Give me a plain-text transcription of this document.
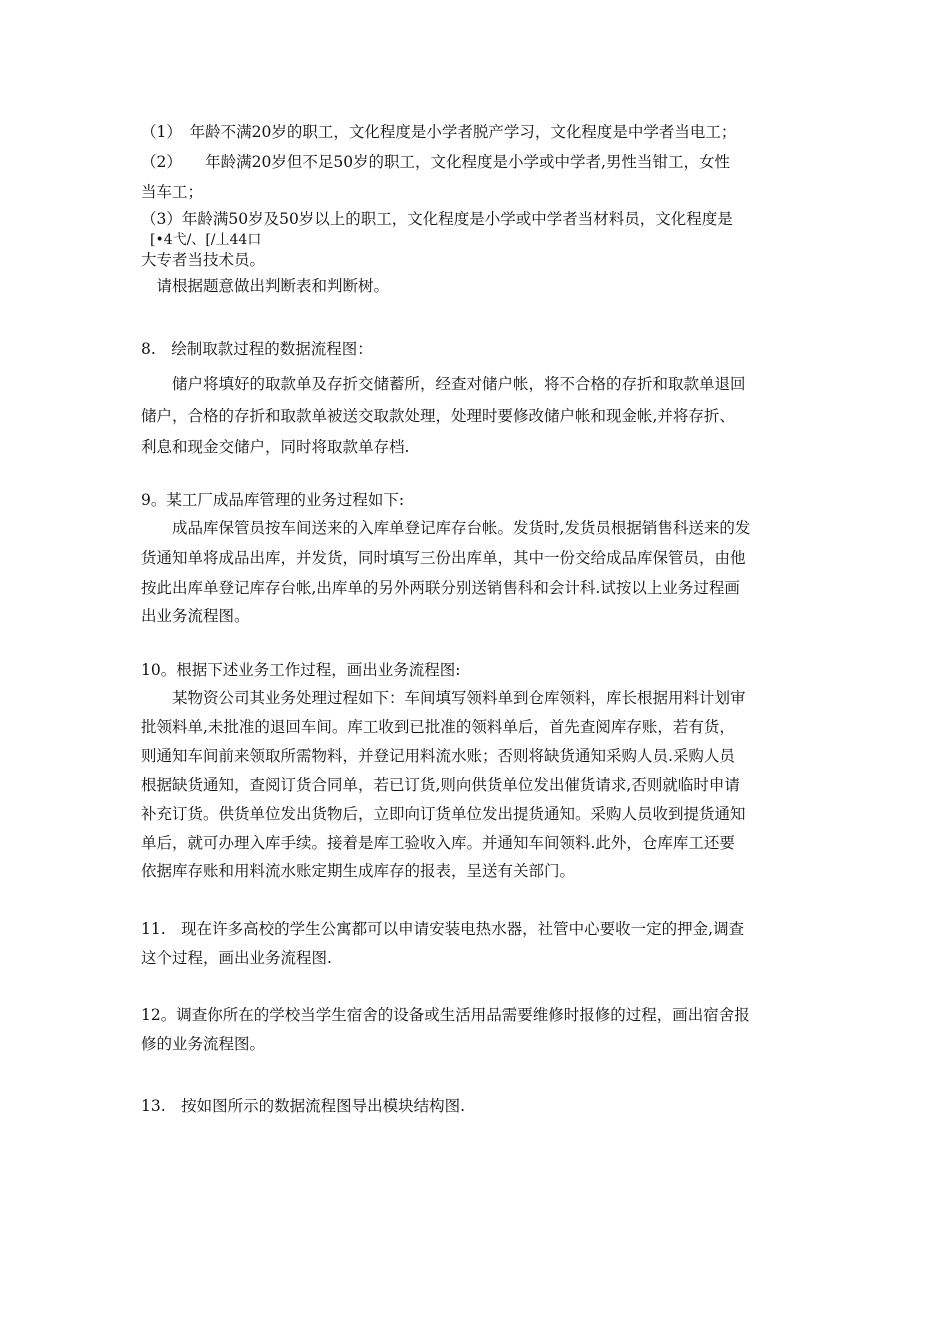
（1）　年龄不满20岁的职工，文化程度是小学者脱产学习，文化程度是中学者当电工；
（2）　　年龄满20岁但不足50岁的职工，文化程度是小学或中学者,男性当钳工，女性
当车工；
（3）年龄满50岁及50岁以上的职工，文化程度是小学或中学者当材料员，文化程度是
[•4弋/、[/丄44口
大专者当技术员。
　请根据题意做出判断表和判断树。
8.　绘制取款过程的数据流程图：
　　储户将填好的取款单及存折交储蓄所，经查对储户帐，将不合格的存折和取款单退回
储户，合格的存折和取款单被送交取款处理，处理时要修改储户帐和现金帐,并将存折、
利息和现金交储户，同时将取款单存档.
9。某工厂成品库管理的业务过程如下:
　　成品库保管员按车间送来的入库单登记库存台帐。发货时,发货员根据销售科送来的发
货通知单将成品出库，并发货，同时填写三份出库单，其中一份交给成品库保管员，由他
按此出库单登记库存台帐,出库单的另外两联分别送销售科和会计科.试按以上业务过程画
出业务流程图。
10。根据下述业务工作过程，画出业务流程图:
　　某物资公司其业务处理过程如下：车间填写领料单到仓库领料，库长根据用料计划审
批领料单,未批准的退回车间。库工收到已批准的领料单后，首先查阅库存账，若有货，
则通知车间前来领取所需物料，并登记用料流水账；否则将缺货通知采购人员.采购人员
根据缺货通知，查阅订货合同单，若已订货,则向供货单位发出催货请求,否则就临时申请
补充订货。供货单位发出货物后，立即向订货单位发出提货通知。采购人员收到提货通知
单后，就可办理入库手续。接着是库工验收入库。并通知车间领料.此外，仓库库工还要
依据库存账和用料流水账定期生成库存的报表，呈送有关部门。
11.　现在许多高校的学生公寓都可以申请安装电热水器，社管中心要收一定的押金,调查
这个过程，画出业务流程图.
12。调查你所在的学校当学生宿舍的设备或生活用品需要维修时报修的过程，画出宿舍报
修的业务流程图。
13.　按如图所示的数据流程图导出模块结构图.
